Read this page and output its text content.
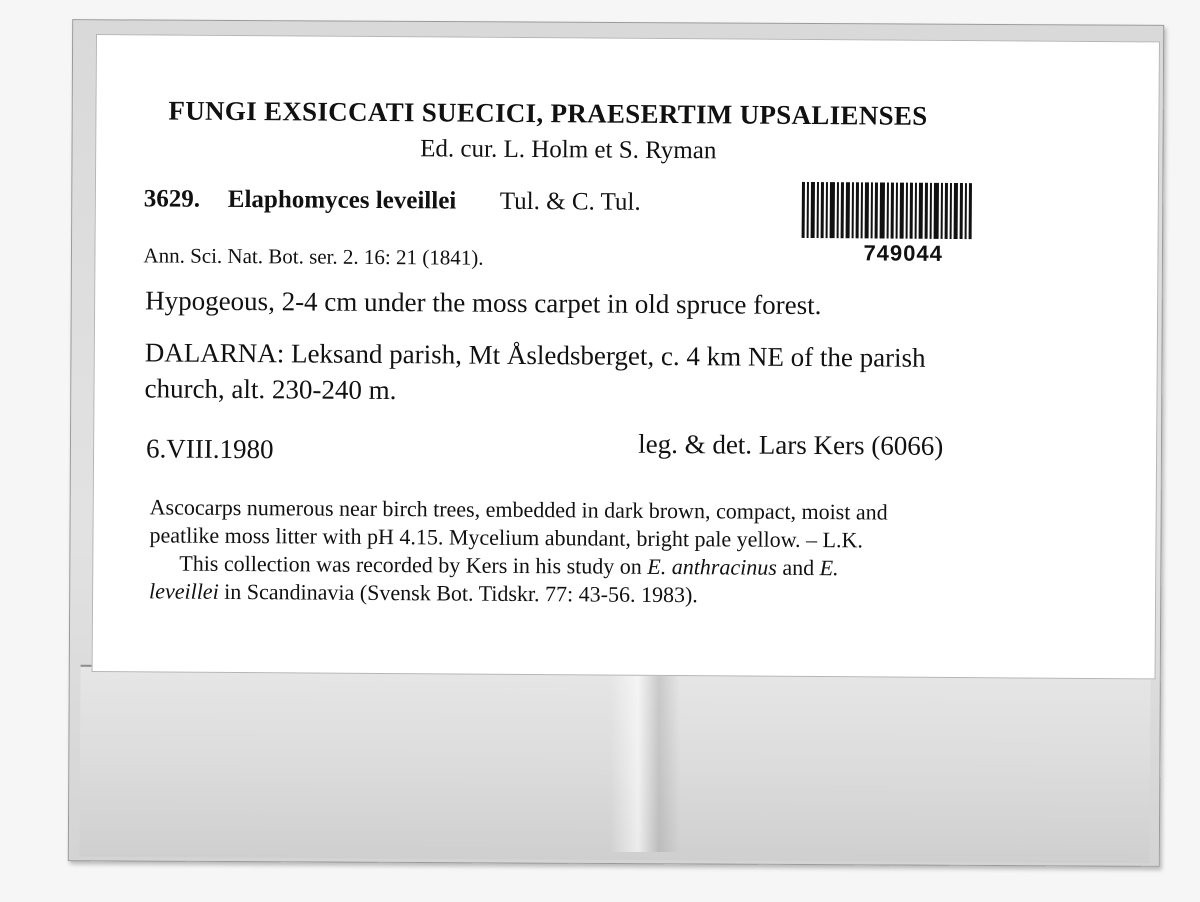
FUNGI EXSICCATI SUECICI, PRAESERTIM UPSALIENSES

Ed. cur. L. Holm et S. Ryman

3629. Elaphomyces leveillei Tul. & C. Tul.

749044

Ann. Sci. Nat. Bot. ser. 2. 16: 21 (1841).

Hypogeous, 2-4 cm under the moss carpet in old spruce forest.

DALARNA: Leksand parish, Mt Åsledsberget, c. 4 km NE of the parish

church, alt. 230-240 m.

6.VIII.1980	leg. & det. Lars Kers (6066)

Ascocarps numerous near birch trees, embedded in dark brown, compact, moist and
peatlike moss litter with pH 4.15. Mycelium abundant, bright pale yellow. – L.K.
This collection was recorded by Kers in his study on E. anthracinus and E.
leveillei in Scandinavia (Svensk Bot. Tidskr. 77: 43-56. 1983).
